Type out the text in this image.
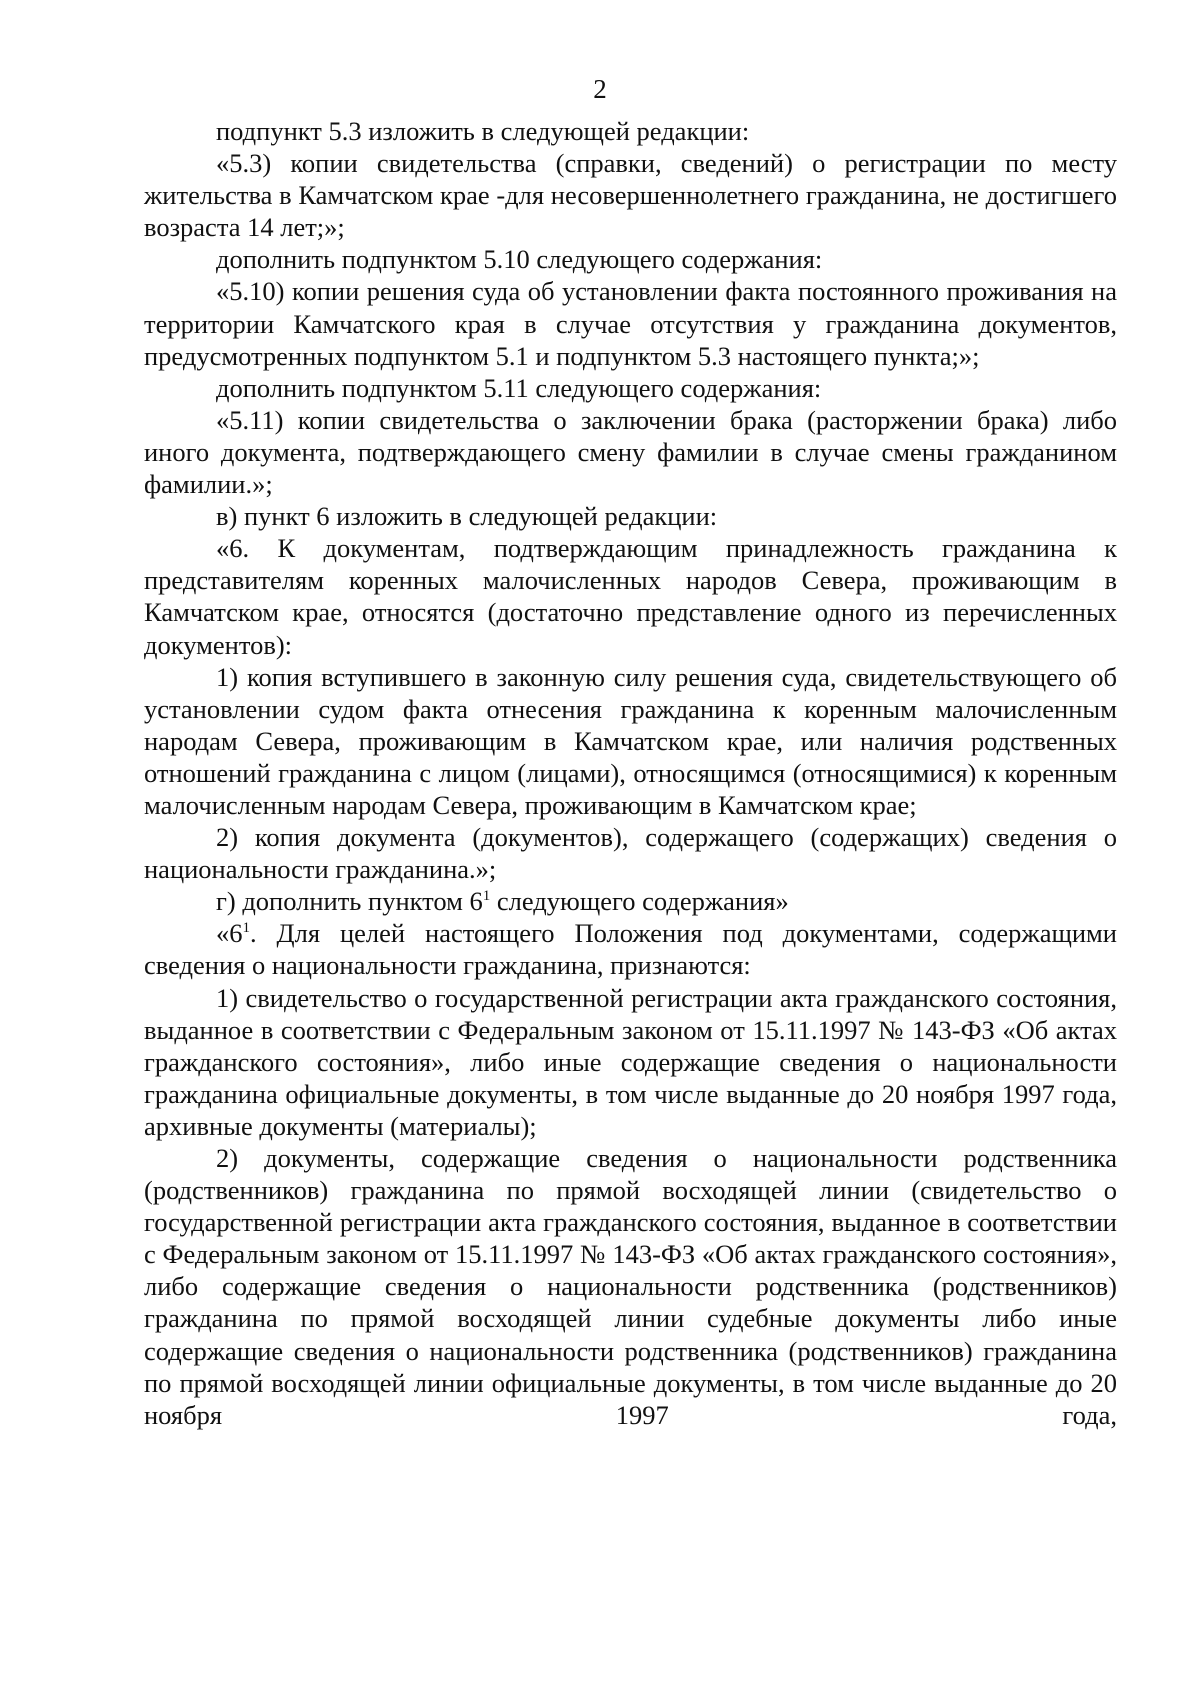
2

подпункт 5.3 изложить в следующей редакции:

«5.3) копии свидетельства (справки, сведений) о регистрации по месту жительства в Камчатском крае -для несовершеннолетнего гражданина, не достигшего возраста 14 лет;»;

дополнить подпунктом 5.10 следующего содержания:

«5.10) копии решения суда об установлении факта постоянного проживания на территории Камчатского края в случае отсутствия у гражданина документов, предусмотренных подпунктом 5.1 и подпунктом 5.3 настоящего пункта;»;

дополнить подпунктом 5.11 следующего содержания:

«5.11) копии свидетельства о заключении брака (расторжении брака) либо иного документа, подтверждающего смену фамилии в случае смены гражданином фамилии.»;

в) пункт 6 изложить в следующей редакции:

«6. К документам, подтверждающим принадлежность гражданина к представителям коренных малочисленных народов Севера, проживающим в Камчатском крае, относятся (достаточно представление одного из перечисленных документов):

1) копия вступившего в законную силу решения суда, свидетельствующего об установлении судом факта отнесения гражданина к коренным малочисленным народам Севера, проживающим в Камчатском крае, или наличия родственных отношений гражданина с лицом (лицами), относящимся (относящимися) к коренным малочисленным народам Севера, проживающим в Камчатском крае;

2) копия документа (документов), содержащего (содержащих) сведения о национальности гражданина.»;

г) дополнить пунктом $6^1$ следующего содержания»

«$6^1$. Для целей настоящего Положения под документами, содержащими сведения о национальности гражданина, признаются:

1) свидетельство о государственной регистрации акта гражданского состояния, выданное в соответствии с Федеральным законом от 15.11.1997 № 143-ФЗ «Об актах гражданского состояния», либо иные содержащие сведения о национальности гражданина официальные документы, в том числе выданные до 20 ноября 1997 года, архивные документы (материалы);

2) документы, содержащие сведения о национальности родственника (родственников) гражданина по прямой восходящей линии (свидетельство о государственной регистрации акта гражданского состояния, выданное в соответствии с Федеральным законом от 15.11.1997 № 143-ФЗ «Об актах гражданского состояния», либо содержащие сведения о национальности родственника (родственников) гражданина по прямой восходящей линии судебные документы либо иные содержащие сведения о национальности родственника (родственников) гражданина по прямой восходящей линии официальные документы, в том числе выданные до 20 ноября 1997 года,
